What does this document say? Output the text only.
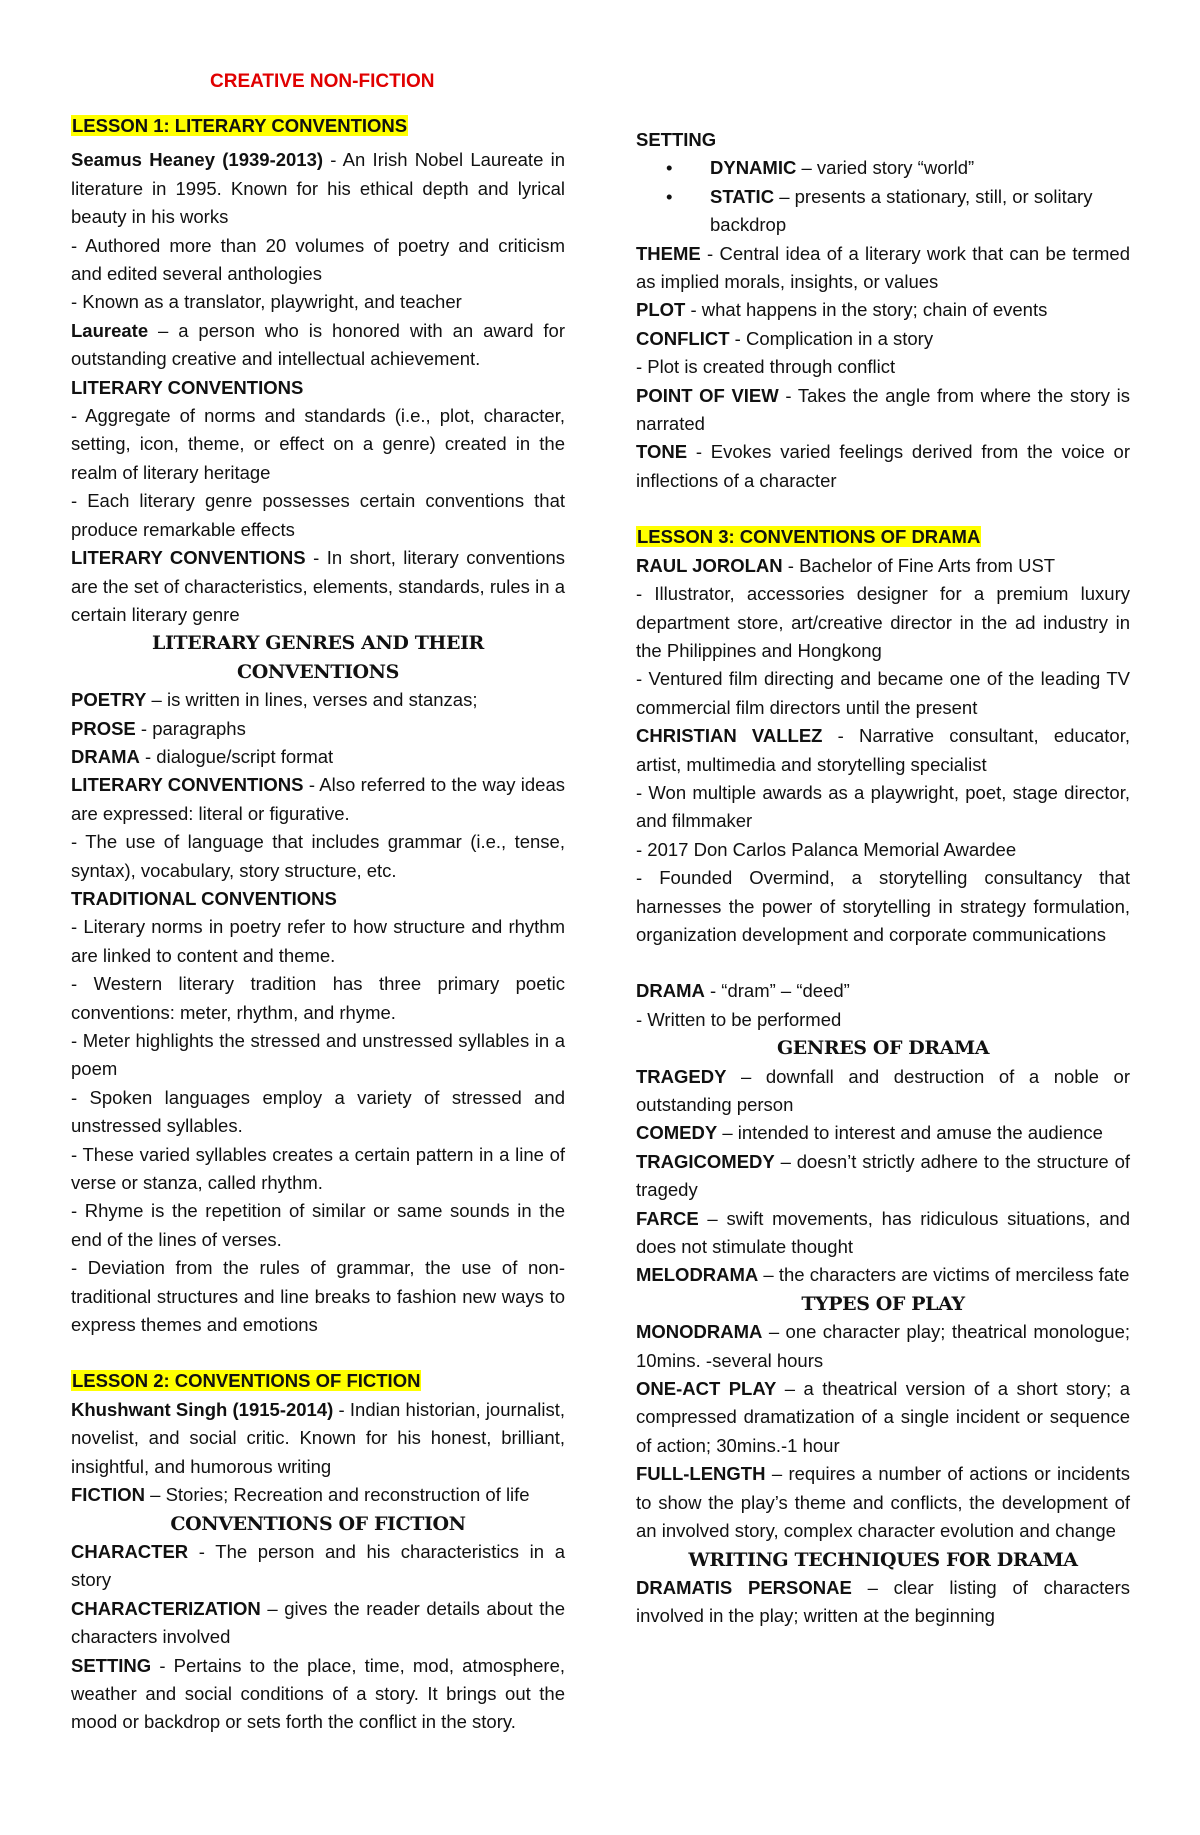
CREATIVE NON-FICTION

LESSON 1: LITERARY CONVENTIONS

Seamus Heaney (1939-2013) - An Irish Nobel Laureate in literature in 1995. Known for his ethical depth and lyrical beauty in his works

- Authored more than 20 volumes of poetry and criticism and edited several anthologies

- Known as a translator, playwright, and teacher

Laureate – a person who is honored with an award for outstanding creative and intellectual achievement.

LITERARY CONVENTIONS

- Aggregate of norms and standards (i.e., plot, character, setting, icon, theme, or effect on a genre) created in the realm of literary heritage

- Each literary genre possesses certain conventions that produce remarkable effects

LITERARY CONVENTIONS - In short, literary conventions are the set of characteristics, elements, standards, rules in a certain literary genre

LITERARY GENRES AND THEIR CONVENTIONS

POETRY – is written in lines, verses and stanzas;

PROSE - paragraphs

DRAMA - dialogue/script format

LITERARY CONVENTIONS - Also referred to the way ideas are expressed: literal or figurative.

- The use of language that includes grammar (i.e., tense, syntax), vocabulary, story structure, etc.

TRADITIONAL CONVENTIONS

- Literary norms in poetry refer to how structure and rhythm are linked to content and theme.

- Western literary tradition has three primary poetic conventions: meter, rhythm, and rhyme.

- Meter highlights the stressed and unstressed syllables in a poem

- Spoken languages employ a variety of stressed and unstressed syllables.

- These varied syllables creates a certain pattern in a line of verse or stanza, called rhythm.

- Rhyme is the repetition of similar or same sounds in the end of the lines of verses.

- Deviation from the rules of grammar, the use of non-traditional structures and line breaks to fashion new ways to express themes and emotions

LESSON 2: CONVENTIONS OF FICTION

Khushwant Singh (1915-2014) - Indian historian, journalist, novelist, and social critic. Known for his honest, brilliant, insightful, and humorous writing

FICTION – Stories; Recreation and reconstruction of life

CONVENTIONS OF FICTION

CHARACTER - The person and his characteristics in a story

CHARACTERIZATION – gives the reader details about the characters involved

SETTING - Pertains to the place, time, mod, atmosphere, weather and social conditions of a story. It brings out the mood or backdrop or sets forth the conflict in the story.

SETTING

• DYNAMIC – varied story “world”
• STATIC – presents a stationary, still, or solitary backdrop

THEME - Central idea of a literary work that can be termed as implied morals, insights, or values

PLOT - what happens in the story; chain of events

CONFLICT - Complication in a story

- Plot is created through conflict

POINT OF VIEW - Takes the angle from where the story is narrated

TONE - Evokes varied feelings derived from the voice or inflections of a character

LESSON 3: CONVENTIONS OF DRAMA

RAUL JOROLAN - Bachelor of Fine Arts from UST

- Illustrator, accessories designer for a premium luxury department store, art/creative director in the ad industry in the Philippines and Hongkong

- Ventured film directing and became one of the leading TV commercial film directors until the present

CHRISTIAN VALLEZ - Narrative consultant, educator, artist, multimedia and storytelling specialist

- Won multiple awards as a playwright, poet, stage director, and filmmaker

- 2017 Don Carlos Palanca Memorial Awardee

- Founded Overmind, a storytelling consultancy that harnesses the power of storytelling in strategy formulation, organization development and corporate communications

DRAMA - “dram” – “deed”

- Written to be performed

GENRES OF DRAMA

TRAGEDY – downfall and destruction of a noble or outstanding person

COMEDY – intended to interest and amuse the audience

TRAGICOMEDY – doesn’t strictly adhere to the structure of tragedy

FARCE – swift movements, has ridiculous situations, and does not stimulate thought

MELODRAMA – the characters are victims of merciless fate

TYPES OF PLAY

MONODRAMA – one character play; theatrical monologue; 10mins. -several hours

ONE-ACT PLAY – a theatrical version of a short story; a compressed dramatization of a single incident or sequence of action; 30mins.-1 hour

FULL-LENGTH – requires a number of actions or incidents to show the play’s theme and conflicts, the development of an involved story, complex character evolution and change

WRITING TECHNIQUES FOR DRAMA

DRAMATIS PERSONAE – clear listing of characters involved in the play; written at the beginning
